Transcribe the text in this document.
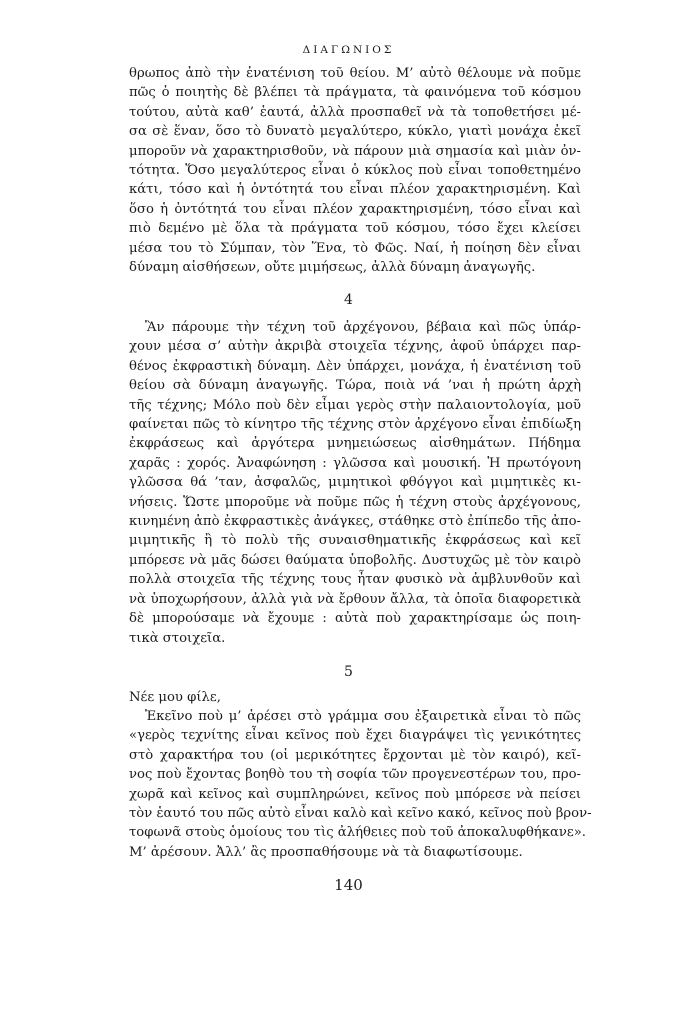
ΔΙΑΓΩΝΙΟΣ
θρωπος ἀπὸ τὴν ἐνατένιση τοῦ θείου. Μ’ αὐτὸ θέλουμε νὰ ποῦμε
πῶς ὁ ποιητὴς δὲ βλέπει τὰ πράγματα, τὰ φαινόμενα τοῦ κόσμου
τούτου, αὐτὰ καθ’ ἑαυτά, ἀλλὰ προσπαθεῖ νὰ τὰ τοποθετήσει μέ-
σα σὲ ἕναν, ὅσο τὸ δυνατὸ μεγαλύτερο, κύκλο, γιατὶ μονάχα ἐκεῖ
μποροῦν νὰ χαρακτηρισθοῦν, νὰ πάρουν μιὰ σημασία καὶ μιὰν ὀν-
τότητα. Ὅσο μεγαλύτερος εἶναι ὁ κύκλος ποὺ εἶναι τοποθετημένο
κάτι, τόσο καὶ ἡ ὀντότητά του εἶναι πλέον χαρακτηρισμένη. Καὶ
ὅσο ἡ ὀντότητά του εἶναι πλέον χαρακτηρισμένη, τόσο εἶναι καὶ
πιὸ δεμένο μὲ ὅλα τὰ πράγματα τοῦ κόσμου, τόσο ἔχει κλείσει
μέσα του τὸ Σύμπαν, τὸν Ἕνα, τὸ Φῶς. Ναί, ἡ ποίηση δὲν εἶναι
δύναμη αἰσθήσεων, οὔτε μιμήσεως, ἀλλὰ δύναμη ἀναγωγῆς.
4
Ἂν πάρουμε τὴν τέχνη τοῦ ἀρχέγονου, βέβαια καὶ πῶς ὑπάρ-
χουν μέσα σ’ αὐτὴν ἀκριβὰ στοιχεῖα τέχνης, ἀφοῦ ὑπάρχει παρ-
θένος ἐκφραστικὴ δύναμη. Δὲν ὑπάρχει, μονάχα, ἡ ἐνατένιση τοῦ
θείου σὰ δύναμη ἀναγωγῆς. Τώρα, ποιὰ νά ’ναι ἡ πρώτη ἀρχὴ
τῆς τέχνης; Μόλο ποὺ δὲν εἶμαι γερὸς στὴν παλαιοντολογία, μοῦ
φαίνεται πῶς τὸ κίνητρο τῆς τέχνης στὸν ἀρχέγονο εἶναι ἐπιδίωξη
ἐκφράσεως καὶ ἀργότερα μνημειώσεως αἰσθημάτων. Πήδημα
χαρᾶς : χορός. Ἀναφώνηση : γλῶσσα καὶ μουσική. Ἡ πρωτόγονη
γλῶσσα θά ’ταν, ἀσφαλῶς, μιμητικοὶ φθόγγοι καὶ μιμητικὲς κι-
νήσεις. Ὥστε μποροῦμε νὰ ποῦμε πῶς ἡ τέχνη στοὺς ἀρχέγονους,
κινημένη ἀπὸ ἐκφραστικὲς ἀνάγκες, στάθηκε στὸ ἐπίπεδο τῆς ἀπο-
μιμητικῆς ἢ τὸ πολὺ τῆς συναισθηματικῆς ἐκφράσεως καὶ κεῖ
μπόρεσε νὰ μᾶς δώσει θαύματα ὑποβολῆς. Δυστυχῶς μὲ τὸν καιρὸ
πολλὰ στοιχεῖα τῆς τέχνης τους ἦταν φυσικὸ νὰ ἀμβλυνθοῦν καὶ
νὰ ὑποχωρήσουν, ἀλλὰ γιὰ νὰ ἔρθουν ἄλλα, τὰ ὁποῖα διαφορετικὰ
δὲ μπορούσαμε νὰ ἔχουμε : αὐτὰ ποὺ χαρακτηρίσαμε ὡς ποιη-
τικὰ στοιχεῖα.
5
Νέε μου φίλε,
Ἐκεῖνο ποὺ μ’ ἀρέσει στὸ γράμμα σου ἐξαιρετικὰ εἶναι τὸ πῶς
«γερὸς τεχνίτης εἶναι κεῖνος ποὺ ἔχει διαγράψει τὶς γενικότητες
στὸ χαρακτήρα του (οἱ μερικότητες ἔρχονται μὲ τὸν καιρό), κεῖ-
νος ποὺ ἔχοντας βοηθὸ του τὴ σοφία τῶν προγενεστέρων του, προ-
χωρᾶ καὶ κεῖνος καὶ συμπληρώνει, κεῖνος ποὺ μπόρεσε νὰ πείσει
τὸν ἑαυτό του πῶς αὐτὸ εἶναι καλὸ καὶ κεῖνο κακό, κεῖνος ποὺ βρον-
τοφωνᾶ στοὺς ὁμοίους του τὶς ἀλήθειες ποὺ τοῦ ἀποκαλυφθήκανε».
Μ’ ἀρέσουν. Ἀλλ’ ἂς προσπαθήσουμε νὰ τὰ διαφωτίσουμε.
140
